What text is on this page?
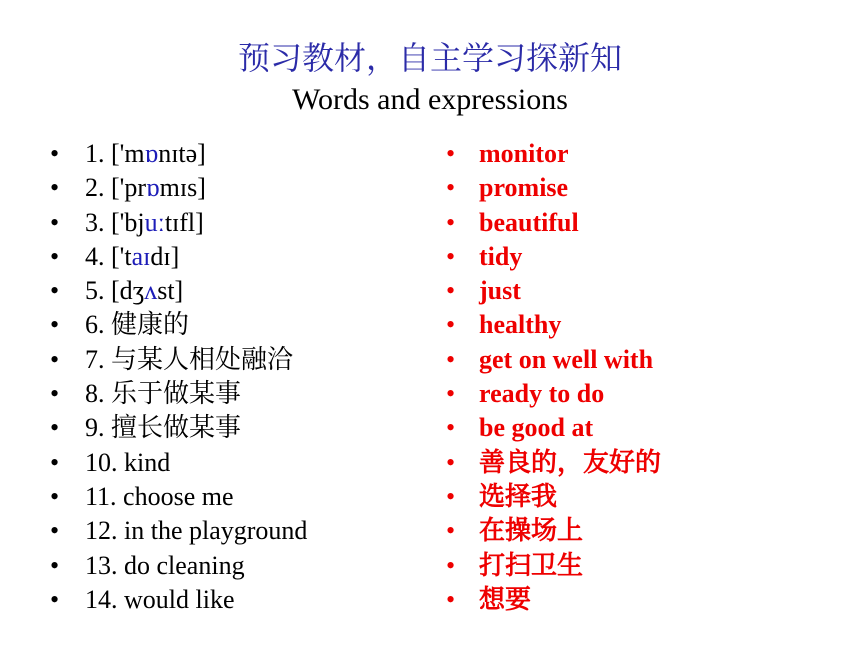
预习教材，自主学习探新知
Words and expressions
• 1. ['mɒnɪtə]
• 2. ['prɒmɪs]
• 3. ['bjuːtɪfl]
• 4. ['taɪdɪ]
• 5. [dʒʌst]
• 6. 健康的
• 7. 与某人相处融洽
• 8. 乐于做某事
• 9. 擅长做某事
• 10. kind
• 11. choose me
• 12. in the playground
• 13. do cleaning
• 14. would like
• monitor
• promise
• beautiful
• tidy
• just
• healthy
• get on well with
• ready to do
• be good at
• 善良的，友好的
• 选择我
• 在操场上
• 打扫卫生
• 想要
